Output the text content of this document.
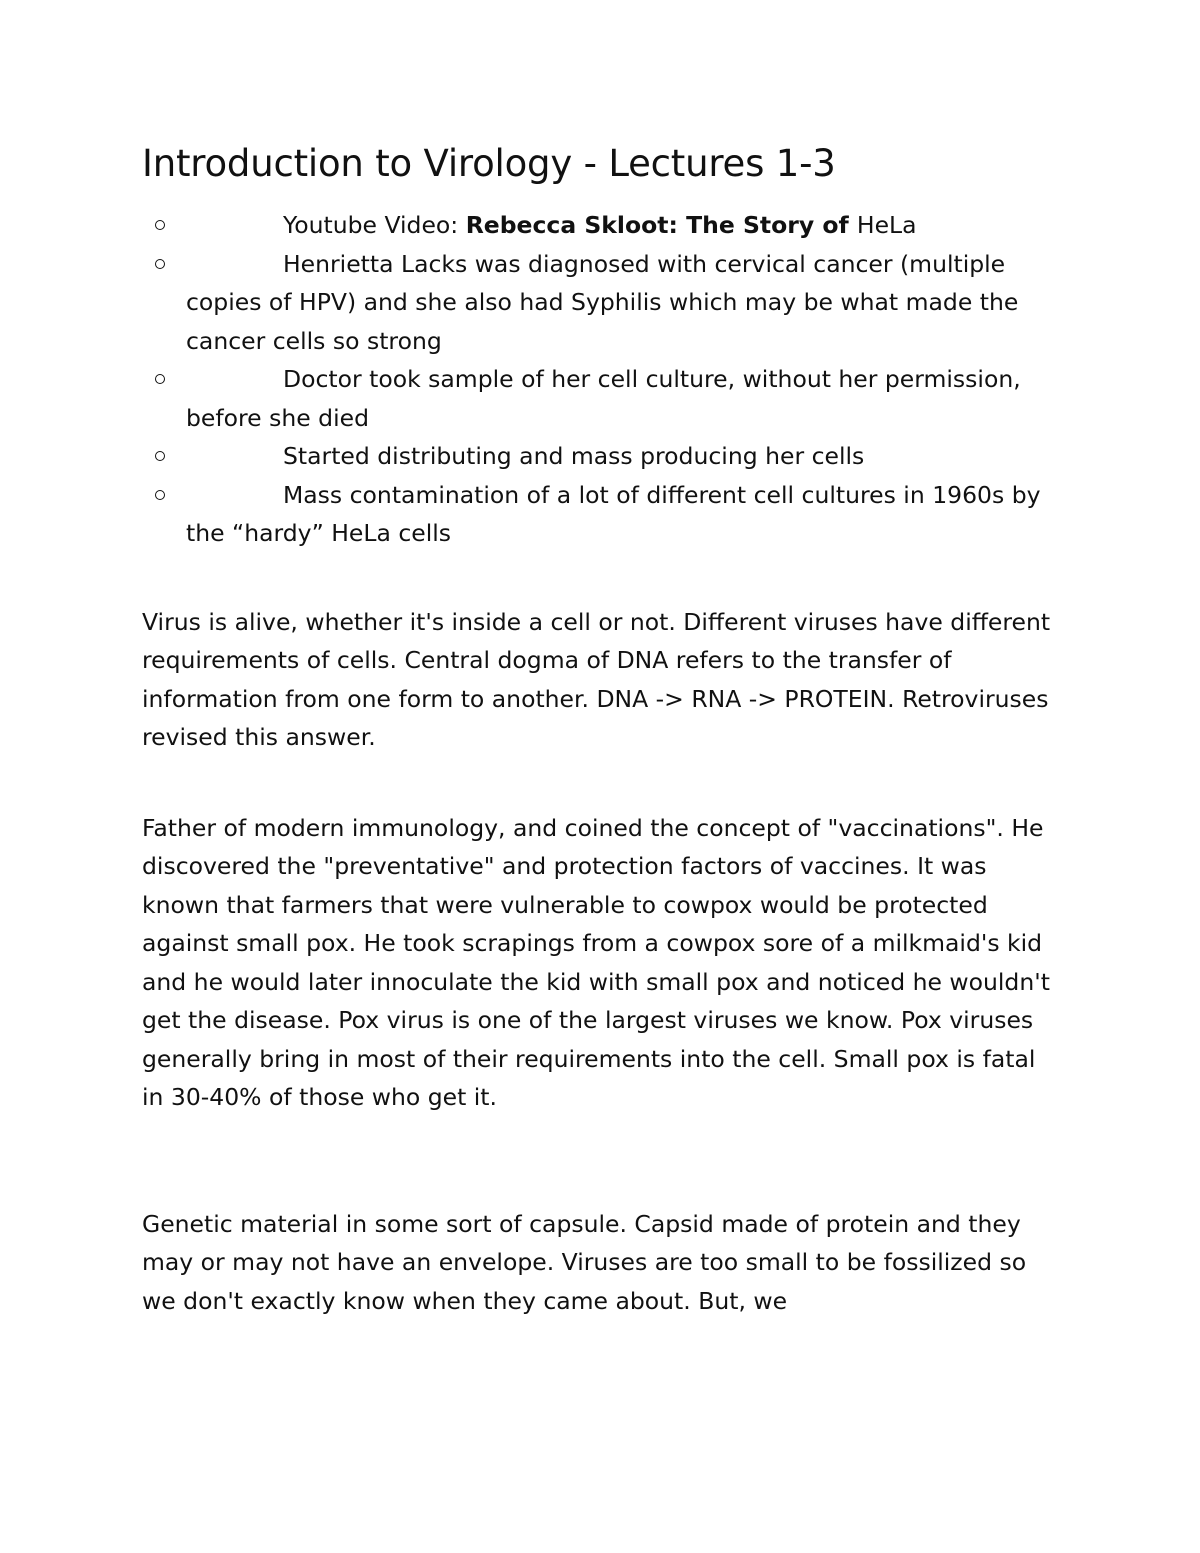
Introduction to Virology - Lectures 1-3
Youtube Video: Rebecca Skloot: The Story of HeLa
Henrietta Lacks was diagnosed with cervical cancer (multiple copies of HPV) and she also had Syphilis which may be what made the cancer cells so strong
Doctor took sample of her cell culture, without her permission, before she died
Started distributing and mass producing her cells
Mass contamination of a lot of different cell cultures in 1960s by the “hardy” HeLa cells

Virus is alive, whether it's inside a cell or not. Different viruses have different requirements of cells. Central dogma of DNA refers to the transfer of information from one form to another. DNA -> RNA -> PROTEIN. Retroviruses revised this answer.

Father of modern immunology, and coined the concept of "vaccinations". He discovered the "preventative" and protection factors of vaccines. It was known that farmers that were vulnerable to cowpox would be protected against small pox. He took scrapings from a cowpox sore of a milkmaid's kid and he would later innoculate the kid with small pox and noticed he wouldn't get the disease. Pox virus is one of the largest viruses we know. Pox viruses generally bring in most of their requirements into the cell. Small pox is fatal in 30-40% of those who get it.

Genetic material in some sort of capsule. Capsid made of protein and they may or may not have an envelope. Viruses are too small to be fossilized so we don't exactly know when they came about. But, we
